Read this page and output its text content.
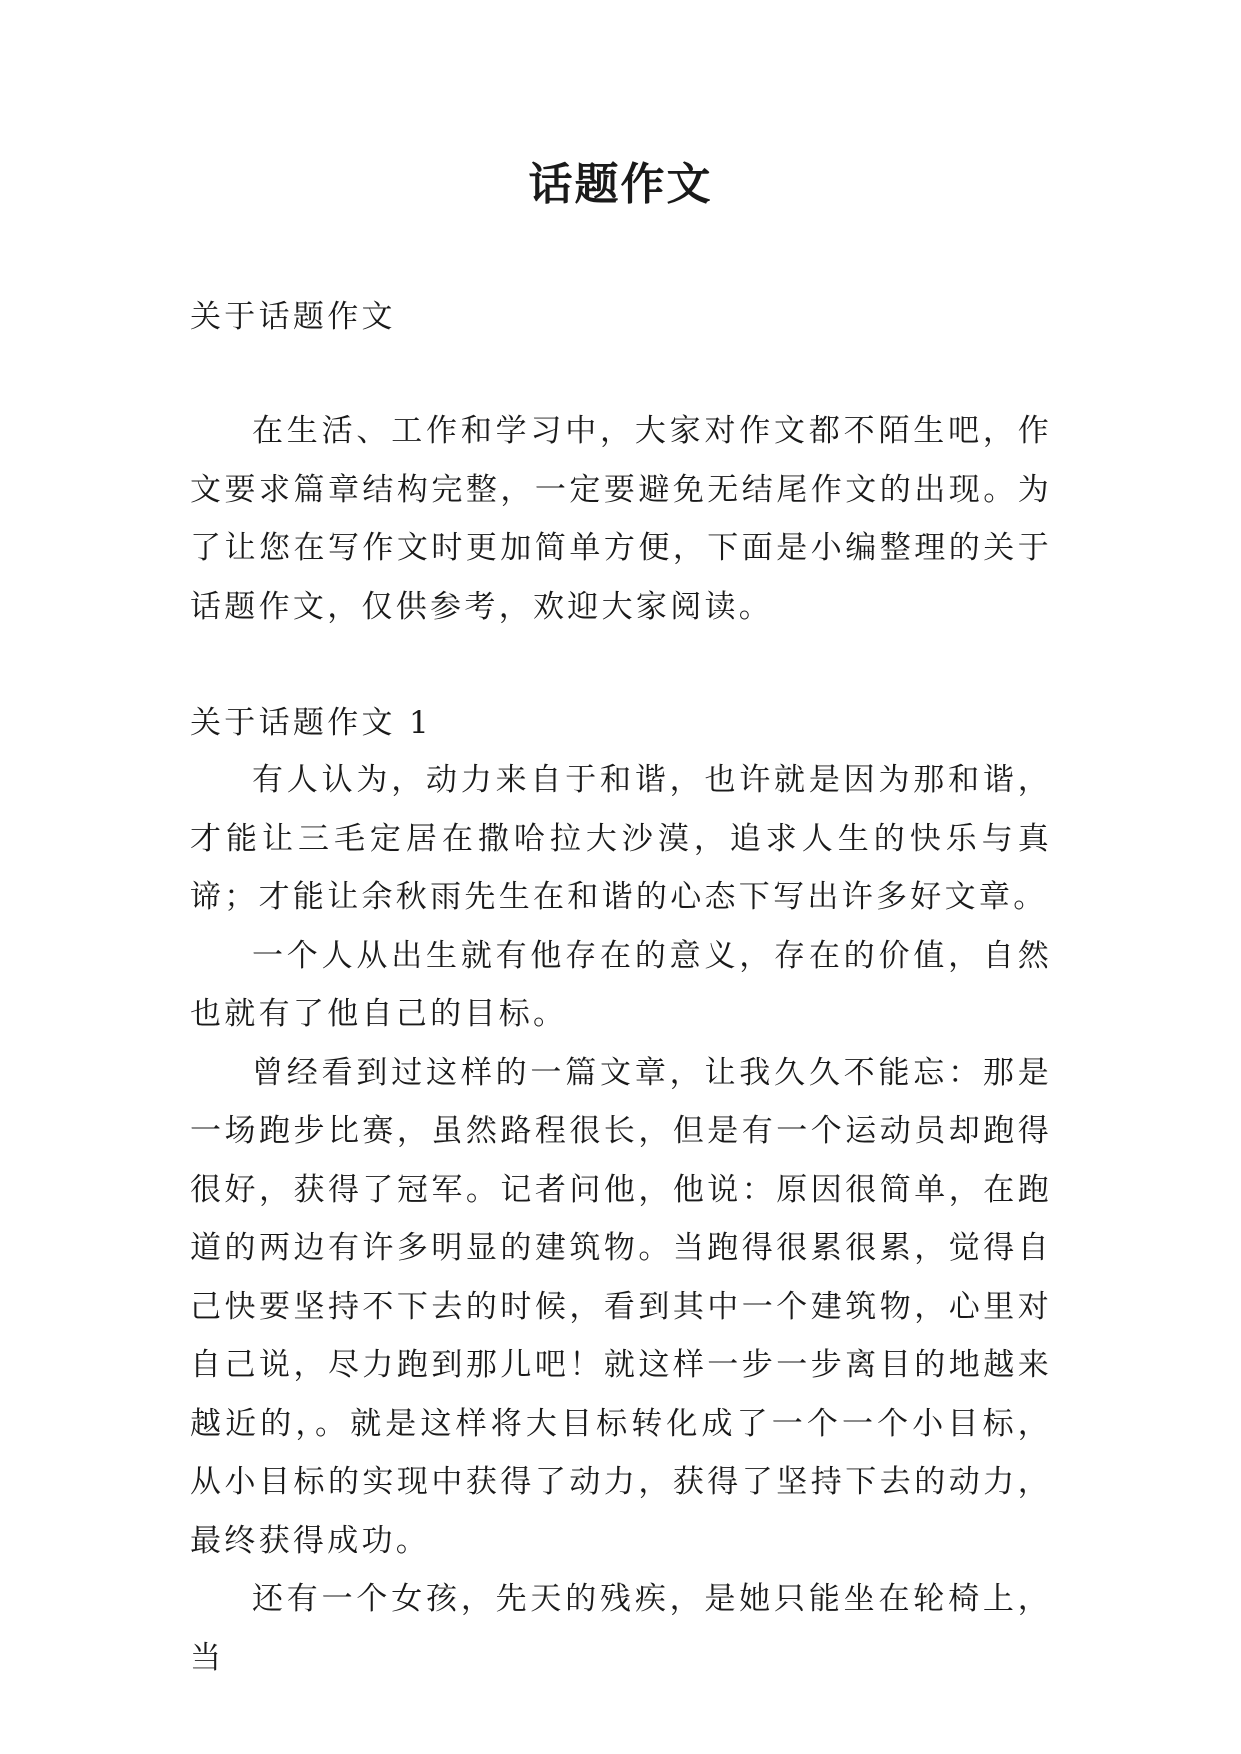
话题作文

关于话题作文

在生活、工作和学习中，大家对作文都不陌生吧，作文要求篇章结构完整，一定要避免无结尾作文的出现。为了让您在写作文时更加简单方便，下面是小编整理的关于话题作文，仅供参考，欢迎大家阅读。

关于话题作文 1

有人认为，动力来自于和谐，也许就是因为那和谐，才能让三毛定居在撒哈拉大沙漠，追求人生的快乐与真谛；才能让余秋雨先生在和谐的心态下写出许多好文章。

一个人从出生就有他存在的意义，存在的价值，自然也就有了他自己的目标。

曾经看到过这样的一篇文章，让我久久不能忘：那是一场跑步比赛，虽然路程很长，但是有一个运动员却跑得很好，获得了冠军。记者问他，他说：原因很简单，在跑道的两边有许多明显的建筑物。当跑得很累很累，觉得自己快要坚持不下去的时候，看到其中一个建筑物，心里对自己说，尽力跑到那儿吧！就这样一步一步离目的地越来越近的，。就是这样将大目标转化成了一个一个小目标，从小目标的实现中获得了动力，获得了坚持下去的动力，最终获得成功。

还有一个女孩，先天的残疾，是她只能坐在轮椅上，当
